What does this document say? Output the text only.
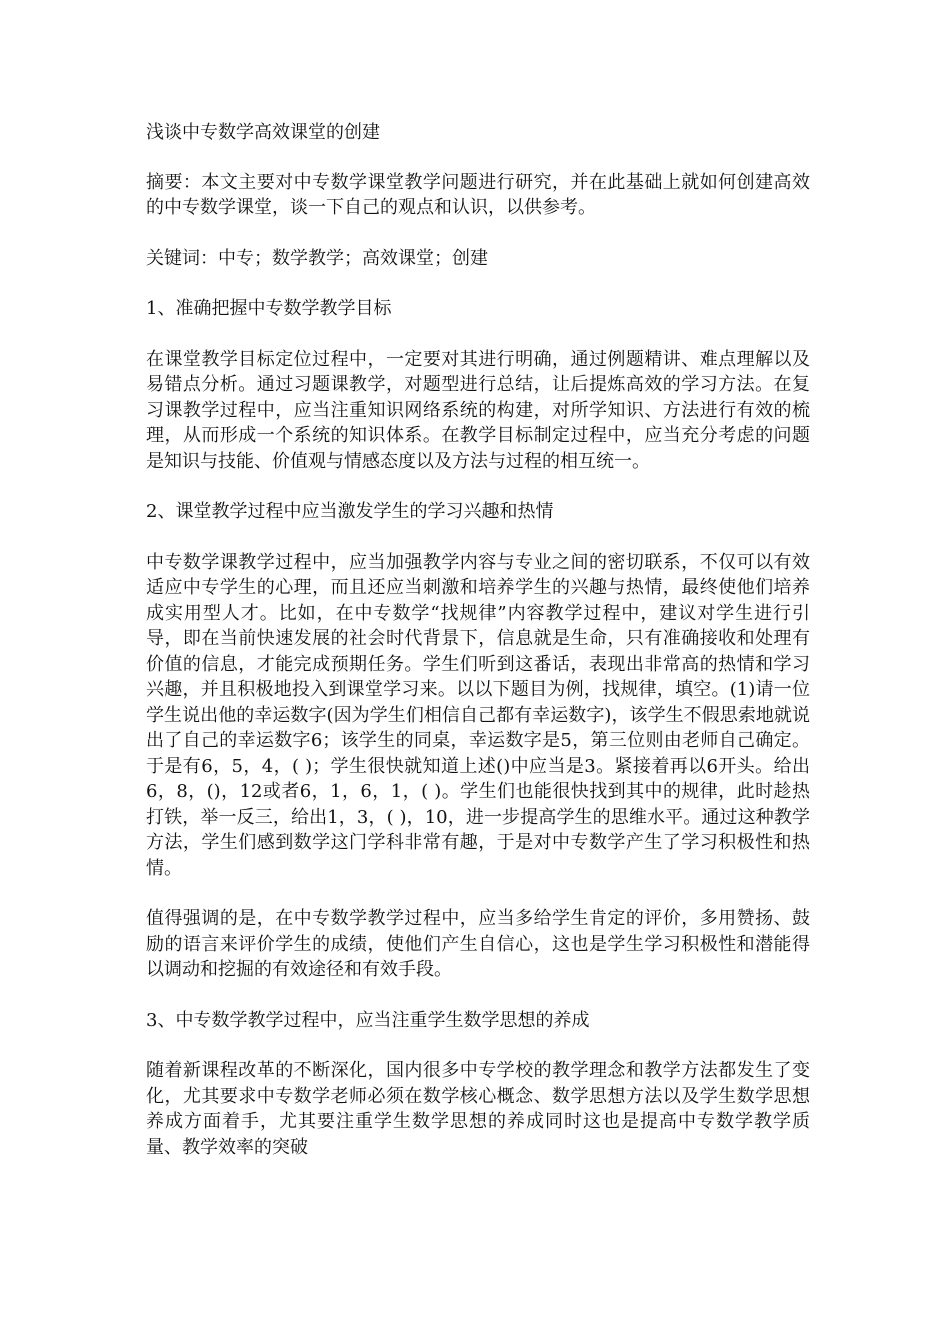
浅谈中专数学高效课堂的创建

摘要：本文主要对中专数学课堂教学问题进行研究，并在此基础上就如何创建高效的中专数学课堂，谈一下自己的观点和认识，以供参考。

关键词：中专；数学教学；高效课堂；创建

1、准确把握中专数学教学目标

在课堂教学目标定位过程中，一定要对其进行明确，通过例题精讲、难点理解以及易错点分析。通过习题课教学，对题型进行总结，让后提炼高效的学习方法。在复习课教学过程中，应当注重知识网络系统的构建，对所学知识、方法进行有效的梳理，从而形成一个系统的知识体系。在教学目标制定过程中，应当充分考虑的问题是知识与技能、价值观与情感态度以及方法与过程的相互统一。

2、课堂教学过程中应当激发学生的学习兴趣和热情

中专数学课教学过程中，应当加强教学内容与专业之间的密切联系，不仅可以有效适应中专学生的心理，而且还应当刺激和培养学生的兴趣与热情，最终使他们培养成实用型人才。比如，在中专数学“找规律”内容教学过程中，建议对学生进行引导，即在当前快速发展的社会时代背景下，信息就是生命，只有准确接收和处理有价值的信息，才能完成预期任务。学生们听到这番话，表现出非常高的热情和学习兴趣，并且积极地投入到课堂学习来。以以下题目为例，找规律，填空。(1)请一位学生说出他的幸运数字(因为学生们相信自己都有幸运数字)，该学生不假思索地就说出了自己的幸运数字6；该学生的同桌，幸运数字是5，第三位则由老师自己确定。于是有6，5，4，( )；学生很快就知道上述()中应当是3。紧接着再以6开头。给出6，8，()，12或者6，1，6，1，( )。学生们也能很快找到其中的规律，此时趁热打铁，举一反三，给出1，3，( )，10，进一步提高学生的思维水平。通过这种教学方法，学生们感到数学这门学科非常有趣，于是对中专数学产生了学习积极性和热情。

值得强调的是，在中专数学教学过程中，应当多给学生肯定的评价，多用赞扬、鼓励的语言来评价学生的成绩，使他们产生自信心，这也是学生学习积极性和潜能得以调动和挖掘的有效途径和有效手段。

3、中专数学教学过程中，应当注重学生数学思想的养成

随着新课程改革的不断深化，国内很多中专学校的教学理念和教学方法都发生了变化，尤其要求中专数学老师必须在数学核心概念、数学思想方法以及学生数学思想养成方面着手，尤其要注重学生数学思想的养成同时这也是提高中专数学教学质量、教学效率的突破
